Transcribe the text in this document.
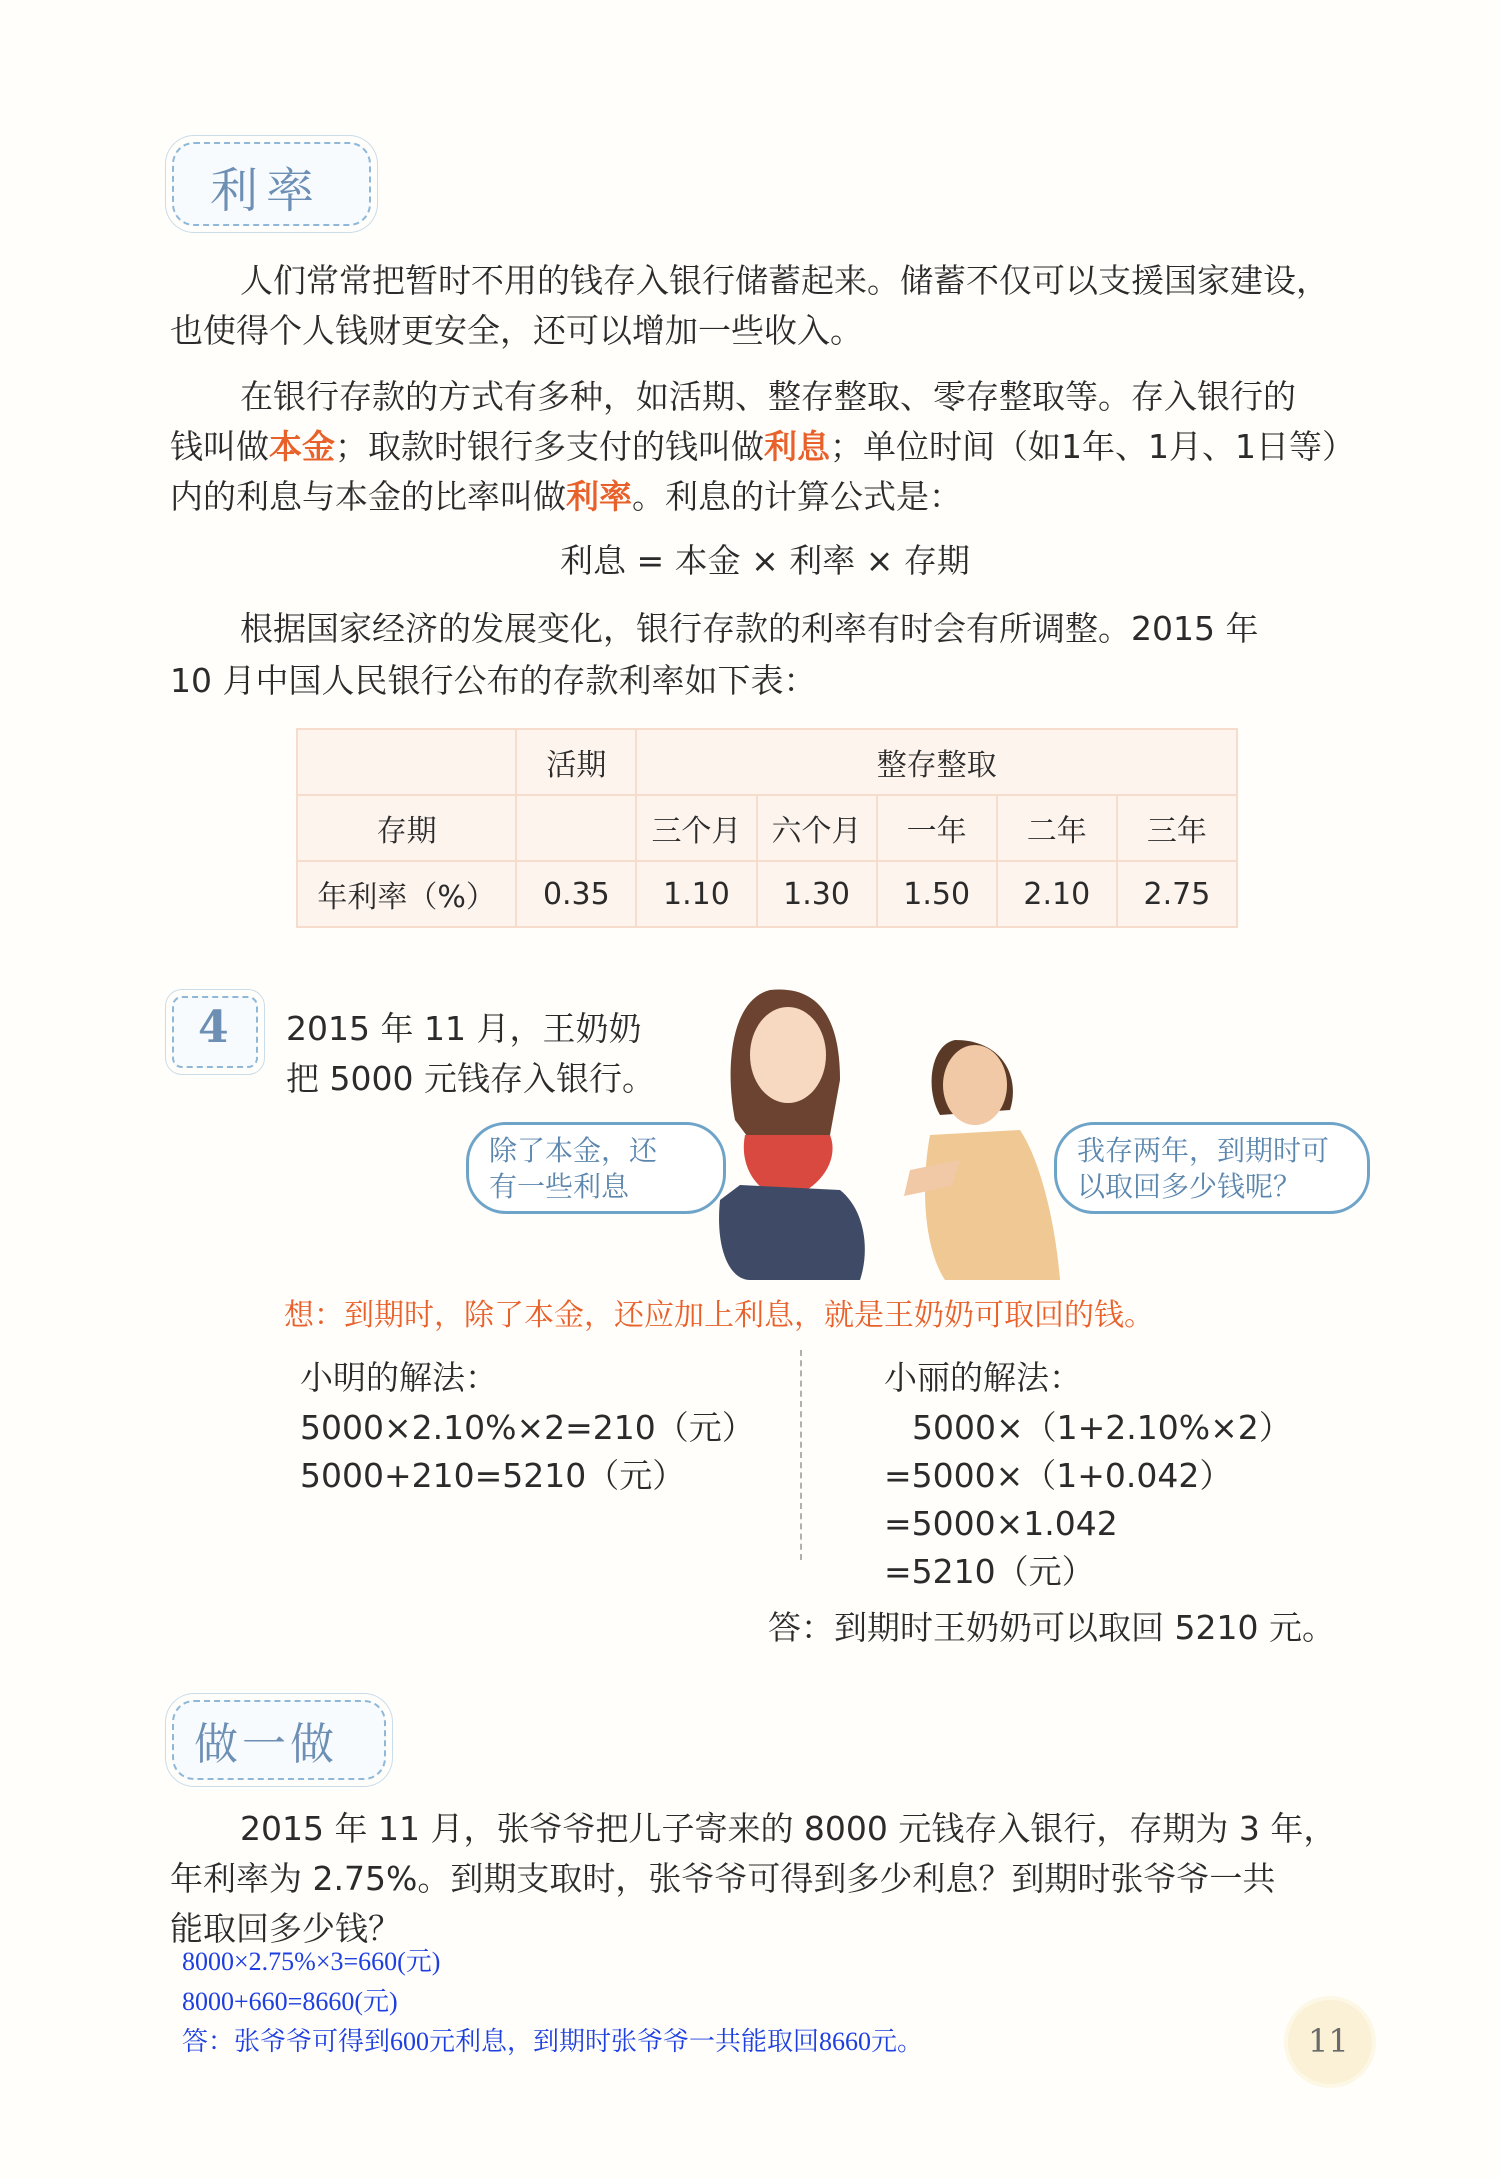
利率
人们常常把暂时不用的钱存入银行储蓄起来。储蓄不仅可以支援国家建设，
也使得个人钱财更安全，还可以增加一些收入。
在银行存款的方式有多种，如活期、整存整取、零存整取等。存入银行的
钱叫做本金；取款时银行多支付的钱叫做利息；单位时间（如1年、1月、1日等）
内的利息与本金的比率叫做利率。利息的计算公式是：
利息 = 本金 × 利率 × 存期
根据国家经济的发展变化，银行存款的利率有时会有所调整。2015 年
10 月中国人民银行公布的存款利率如下表：
	活期	整存整取				
存期		三个月	六个月	一年	二年	三年
年利率（%）	0.35	1.10	1.30	1.50	2.10	2.75
4 2015 年 11 月，王奶奶
把 5000 元钱存入银行。
除了本金，还
有一些利息
我存两年，到期时可
以取回多少钱呢？
想：到期时，除了本金，还应加上利息，就是王奶奶可取回的钱。
小明的解法：
5000×2.10%×2=210（元）
5000+210=5210（元）
小丽的解法：
5000×（1+2.10%×2）
=5000×（1+0.042）
=5000×1.042
=5210（元）
答：到期时王奶奶可以取回 5210 元。
做一做
2015 年 11 月，张爷爷把儿子寄来的 8000 元钱存入银行，存期为 3 年，
年利率为 2.75%。到期支取时，张爷爷可得到多少利息？到期时张爷爷一共
能取回多少钱？
8000×2.75%×3=660(元)
8000+660=8660(元)
答：张爷爷可得到600元利息，到期时张爷爷一共能取回8660元。	11
